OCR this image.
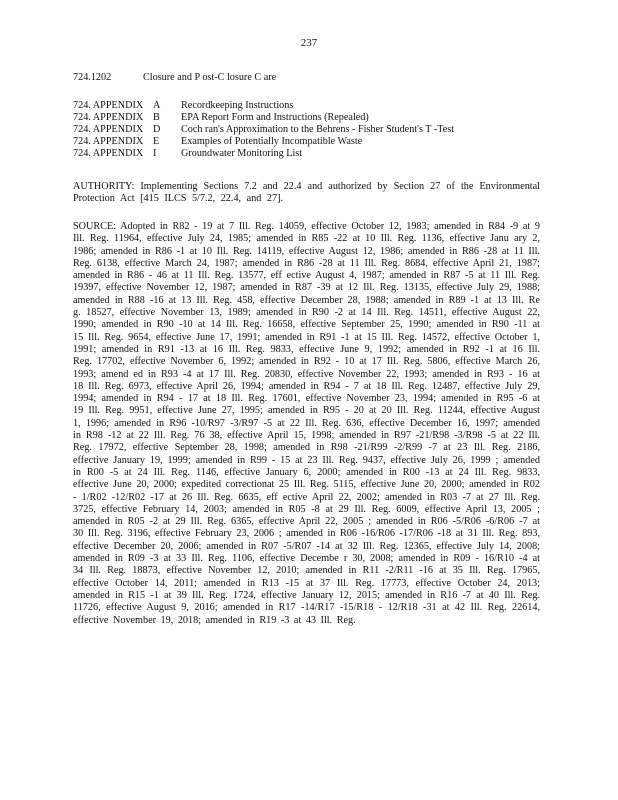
237
724.1202	Closure and P ost-C losure C are
724. APPENDIX A Recordkeeping Instructions
724. APPENDIX B EPA Report Form and Instructions (Repealed)
724. APPENDIX D Coch ran's Approximation to the Behrens - Fisher Student's T -Test
724. APPENDIX E Examples of Potentially Incompatible Waste
724. APPENDIX I Groundwater Monitoring List
AUTHORITY: Implementing Sections 7.2 and 22.4 and authorized by Section 27 of the Environmental Protection Act [415 ILCS 5/7.2, 22.4, and 27].
SOURCE: Adopted in R82 - 19 at 7 Ill. Reg. 14059, effective October 12, 1983; amended in R84 -9 at 9 Ill. Reg. 11964, effective July 24, 1985; amended in R85 -22 at 10 Ill. Reg. 1136, effective Janu ary 2, 1986; amended in R86 -1 at 10 Ill. Reg. 14119, effective August 12, 1986; amended in R86 -28 at 11 Ill. Reg. 6138, effective March 24, 1987; amended in R86 -28 at 11 Ill. Reg. 8684, effective April 21, 1987; amended in R86 - 46 at 11 Ill. Reg. 13577, eff ective August 4, 1987; amended in R87 -5 at 11 Ill. Reg. 19397, effective November 12, 1987; amended in R87 -39 at 12 Ill. Reg. 13135, effective July 29, 1988; amended in R88 -16 at 13 Ill. Reg. 458, effective December 28, 1988; amended in R89 -1 at 13 Ill. Re g. 18527, effective November 13, 1989; amended in R90 -2 at 14 Ill. Reg. 14511, effective August 22, 1990; amended in R90 -10 at 14 Ill. Reg. 16658, effective September 25, 1990; amended in R90 -11 at 15 Ill. Reg. 9654, effective June 17, 1991; amended in R91 -1 at 15 Ill. Reg. 14572, effective October 1, 1991; amended in R91 -13 at 16 Ill. Reg. 9833, effective June 9, 1992; amended in R92 -1 at 16 Ill. Reg. 17702, effective November 6, 1992; amended in R92 - 10 at 17 Ill. Reg. 5806, effective March 26, 1993; amend ed in R93 -4 at 17 Ill. Reg. 20830, effective November 22, 1993; amended in R93 - 16 at 18 Ill. Reg. 6973, effective April 26, 1994; amended in R94 - 7 at 18 Ill. Reg. 12487, effective July 29, 1994; amended in R94 - 17 at 18 Ill. Reg. 17601, effective November 23, 1994; amended in R95 -6 at 19 Ill. Reg. 9951, effective June 27, 1995; amended in R95 - 20 at 20 Ill. Reg. 11244, effective August 1, 1996; amended in R96 -10/R97 -3/R97 -5 at 22 Ill. Reg. 636, effective December 16, 1997; amended in R98 -12 at 22 Ill. Reg. 76 38, effective April 15, 1998; amended in R97 -21/R98 -3/R98 -5 at 22 Ill. Reg. 17972, effective September 28, 1998; amended in R98 -21/R99 -2/R99 -7 at 23 Ill. Reg. 2186, effective January 19, 1999; amended in R99 - 15 at 23 Ill. Reg. 9437, effective July 26, 1999 ; amended in R00 -5 at 24 Ill. Reg. 1146, effective January 6, 2000; amended in R00 -13 at 24 Ill. Reg. 9833, effective June 20, 2000; expedited correctionat 25 Ill. Reg. 5115, effective June 20, 2000; amended in R02 - 1/R02 -12/R02 -17 at 26 Ill. Reg. 6635, eff ective April 22, 2002; amended in R03 -7 at 27 Ill. Reg. 3725, effective February 14, 2003; amended in R05 -8 at 29 Ill. Reg. 6009, effective April 13, 2005 ; amended in R05 -2 at 29 Ill. Reg. 6365, effective April 22, 2005 ; amended in R06 -5/R06 -6/R06 -7 at 30 Ill. Reg. 3196, effective February 23, 2006 ; amended in R06 -16/R06 -17/R06 -18 at 31 Ill. Reg. 893, effective December 20, 2006; amended in R07 -5/R07 -14 at 32 Ill. Reg. 12365, effective July 14, 2008; amended in R09 -3 at 33 Ill. Reg. 1106, effective Decembe r 30, 2008; amended in R09 - 16/R10 -4 at 34 Ill. Reg. 18873, effective November 12, 2010; amended in R11 -2/R11 -16 at 35 Ill. Reg. 17965, effective October 14, 2011; amended in R13 -15 at 37 Ill. Reg. 17773, effective October 24, 2013; amended in R15 -1 at 39 Ill. Reg. 1724, effective January 12, 2015; amended in R16 -7 at 40 Ill. Reg. 11726, effective August 9, 2016; amended in R17 -14/R17 -15/R18 - 12/R18 -31 at 42 Ill. Reg. 22614, effective November 19, 2018; amended in R19 -3 at 43 Ill. Reg.
